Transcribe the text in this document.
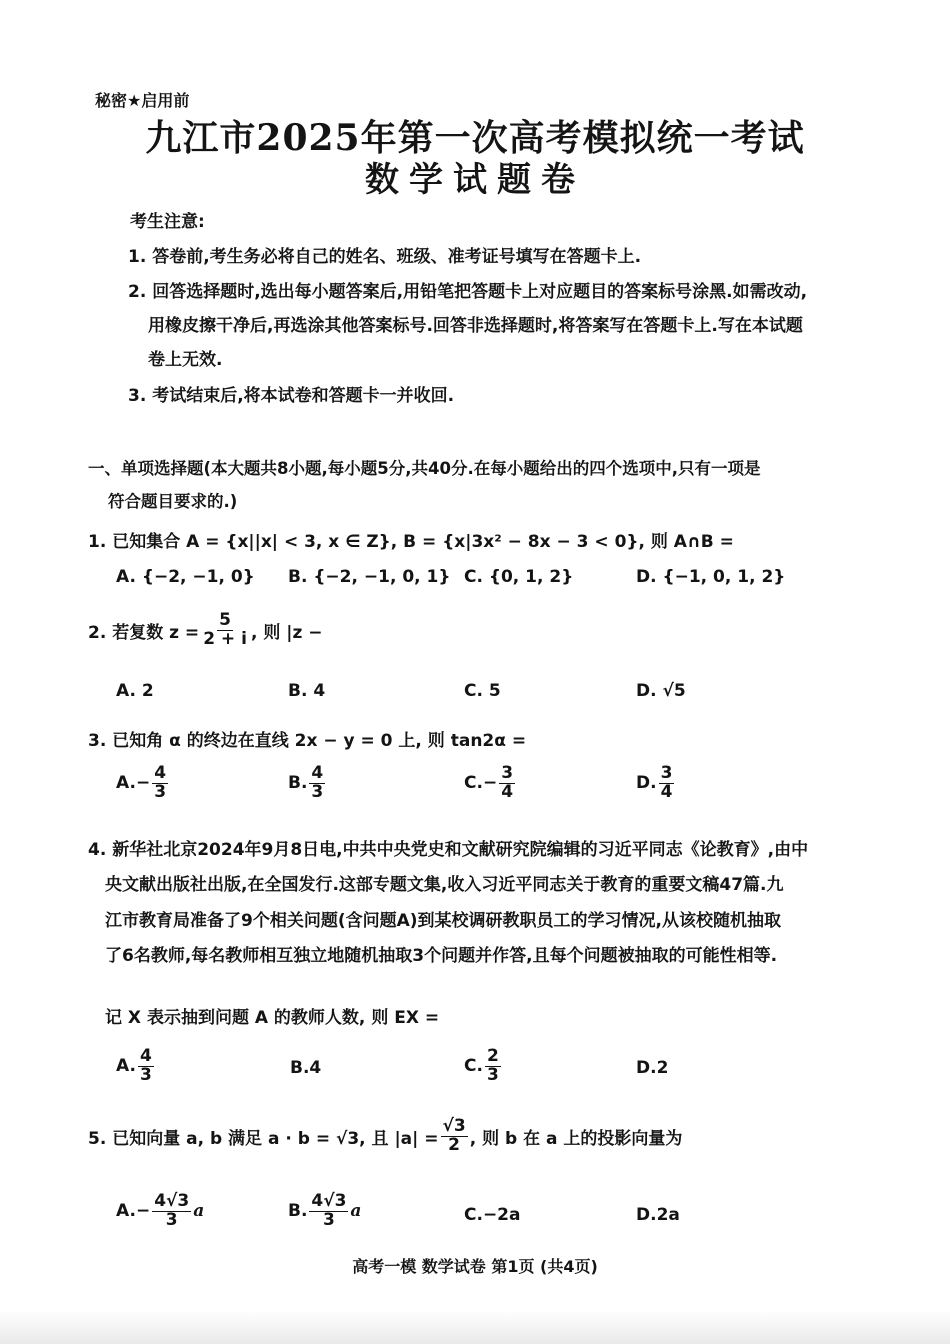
秘密★启用前
九江市2025年第一次高考模拟统一考试
数学试题卷
考生注意:
1. 答卷前,考生务必将自己的姓名、班级、准考证号填写在答题卡上.
2. 回答选择题时,选出每小题答案后,用铅笔把答题卡上对应题目的答案标号涂黑.如需改动,
用橡皮擦干净后,再选涂其他答案标号.回答非选择题时,将答案写在答题卡上.写在本试题
卷上无效.
3. 考试结束后,将本试卷和答题卡一并收回.
一、单项选择题(本大题共8小题,每小题5分,共40分.在每小题给出的四个选项中,只有一项是
符合题目要求的.)
1. 已知集合 A = {x||x| < 3, x ∈ Z}, B = {x|3x² − 8x − 3 < 0}, 则 A∩B =
A. {−2, −1, 0} B. {−2, −1, 0, 1} C. {0, 1, 2}	D. {−1, 0, 1, 2}
2. 若复数 $z = \frac{5}{2 + i}$ , 则 |z −
A. 2	B. 4	C. 5	D. √5
3. 已知角 α 的终边在直线 2x − y = 0 上, 则 tan2α =
A. − $\frac{4}{3}$	B. $\frac{4}{3}$	C. − $\frac{3}{4}$	D. $\frac{3}{4}$
4. 新华社北京2024年9月8日电,中共中央党史和文献研究院编辑的习近平同志《论教育》,由中
央文献出版社出版,在全国发行.这部专题文集,收入习近平同志关于教育的重要文稿47篇.九
江市教育局准备了9个相关问题(含问题A)到某校调研教职员工的学习情况,从该校随机抽取
了6名教师,每名教师相互独立地随机抽取3个问题并作答,且每个问题被抽取的可能性相等.
记 X 表示抽到问题 A 的教师人数, 则 EX =
A. $\frac{4}{3}$	B. 4	C. $\frac{2}{3}$	D. 2
5. 已知向量 a, b 满足 a · b = √3, 且 $|a| = \frac{√3}{2}$ , 则 b 在 a 上的投影向量为
A. − $\frac{4√3}{3}$ a	B. $\frac{4√3}{3}$ a	C. −2a	D. 2a
高考一模 数学试卷 第1页 (共4页)
